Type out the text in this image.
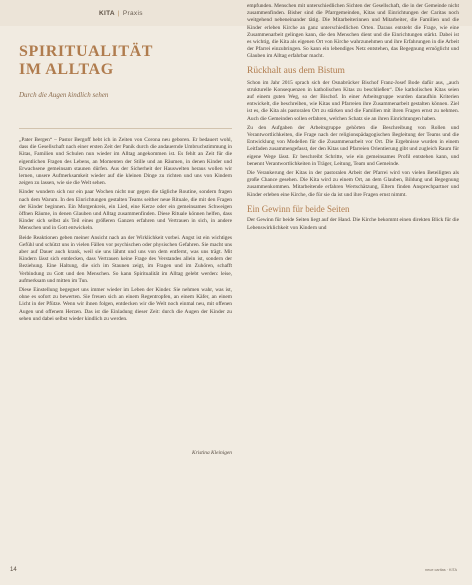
KITA | Praxis
SPIRITUALITÄT
IM ALLTAG
Durch die Augen kindlich sehen

„Pater Bergen“ – Pastor Bergoff hebt ich in Zeiten von Coronа neu geboren. Er bedauert wohl, dass die Gesellschaft nach einer ersten Zeit der Panik durch die andauernde Umbruchstimmung in Kitas, Familien und Schulen nun wieder im Alltag angekommen ist. Es fehlt an Zeit für die eigentlichen Fragen des Lebens, an Momenten der Stille und an Räumen, in denen Kinder und Erwachsene gemeinsam staunen dürfen. Aus der Sicherheit der Hauswelten heraus wollen wir lernen, unsere Aufmerksamkeit wieder auf die kleinen Dinge zu richten und uns von Kindern zeigen zu lassen, wie sie die Welt sehen.

Kinder wundern sich nur ein paar Wochen nicht nur gegen die tägliche Routine, sondern fragen nach dem Warum. In den Einrichtungen gestalten Teams seither neue Rituale, die mit den Fragen der Kinder beginnen. Ein Morgenkreis, ein Lied, eine Kerze oder ein gemeinsames Schweigen öffnen Räume, in denen Glauben und Alltag zusammenfinden. Diese Rituale können helfen, dass Kinder sich selbst als Teil eines größeren Ganzen erfahren und Vertrauen in sich, in andere Menschen und in Gott entwickeln.

Beide Reaktionen geben meiner Ansicht nach an der Wirklichkeit vorbei. Angst ist ein wichtiges Gefühl und schützt uns in vielen Fällen vor psychischen oder physischen Gefahren. Sie macht uns aber auf Dauer auch krank, weil sie uns lähmt und uns von dem entfernt, was uns trägt. Mit Kindern lässt sich entdecken, dass Vertrauen keine Frage des Verstandes allein ist, sondern der Beziehung. Eine Haltung, die sich im Staunen zeigt, im Fragen und im Zuhören, schafft Verbindung zu Gott und den Menschen. So kann Spiritualität im Alltag gelebt werden: leise, aufmerksam und mitten im Tun.

Diese Einstellung begegnet uns immer wieder im Leben der Kinder. Sie nehmen wahr, was ist, ohne es sofort zu bewerten. Sie freuen sich an einem Regentropfen, an einem Käfer, an einem Licht in der Pfütze. Wenn wir ihnen folgen, entdecken wir die Welt noch einmal neu, mit offenen Augen und offenem Herzen. Das ist die Einladung dieser Zeit: durch die Augen der Kinder zu sehen und dabei selbst wieder kindlich zu werden.

Kristina Kleinigen

empfunden. Menschen mit unterschiedlichen Sichten der Gesellschaft, die in der Gemeinde nicht zusammenfinden. Bisher sind die Pfarrgemeinden, Kitas und Einrichtungen der Caritas noch weitgehend nebeneinander tätig. Die Mitarbeiterinnen und Mitarbeiter, die Familien und die Kinder erleben Kirche an ganz unterschiedlichen Orten. Daraus entsteht die Frage, wie eine Zusammenarbeit gelingen kann, die den Menschen dient und die Einrichtungen stärkt. Dabei ist es wichtig, die Kita als eigenen Ort von Kirche wahrzunehmen und ihre Erfahrungen in die Arbeit der Pfarrei einzubringen. So kann ein lebendiges Netz entstehen, das Begegnung ermöglicht und Glauben im Alltag erfahrbar macht.

Rückhalt aus dem Bistum

Schon im Jahr 2015 sprach sich der Osnabrücker Bischof Franz-Josef Bode dafür aus, „auch strukturelle Konsequenzen in katholischen Kitas zu beschließen“. Die katholischen Kitas seien auf einem guten Weg, so der Bischof. In einer Arbeitsgruppe wurden daraufhin Kriterien entwickelt, die beschreiben, wie Kitas und Pfarreien ihre Zusammenarbeit gestalten können. Ziel ist es, die Kita als pastoralen Ort zu stärken und die Familien mit ihren Fragen ernst zu nehmen. Auch die Gemeinden sollen erfahren, welchen Schatz sie an ihren Einrichtungen haben.

Zu den Aufgaben der Arbeitsgruppe gehörten die Beschreibung von Rollen und Verantwortlichkeiten, die Frage nach der religionspädagogischen Begleitung der Teams und die Entwicklung von Modellen für die Zusammenarbeit vor Ort. Die Ergebnisse wurden in einem Leitfaden zusammengefasst, der den Kitas und Pfarreien Orientierung gibt und zugleich Raum für eigene Wege lässt. Er beschreibt Schritte, wie ein gemeinsames Profil entstehen kann, und benennt Verantwortlichkeiten in Träger, Leitung, Team und Gemeinde.

Die Verankerung der Kitas in der pastoralen Arbeit der Pfarrei wird von vielen Beteiligten als große Chance gesehen. Die Kita wird zu einem Ort, an dem Glauben, Bildung und Begegnung zusammenkommen. Mitarbeitende erfahren Wertschätzung, Eltern finden Ansprechpartner und Kinder erleben eine Kirche, die für sie da ist und ihre Fragen ernst nimmt.

Ein Gewinn für beide Seiten

Der Gewinn für beide Seiten liegt auf der Hand. Die Kirche bekommt einen direkten Blick für die Lebenswirklichkeit von Kindern und

14	neue caritas · KiTA
